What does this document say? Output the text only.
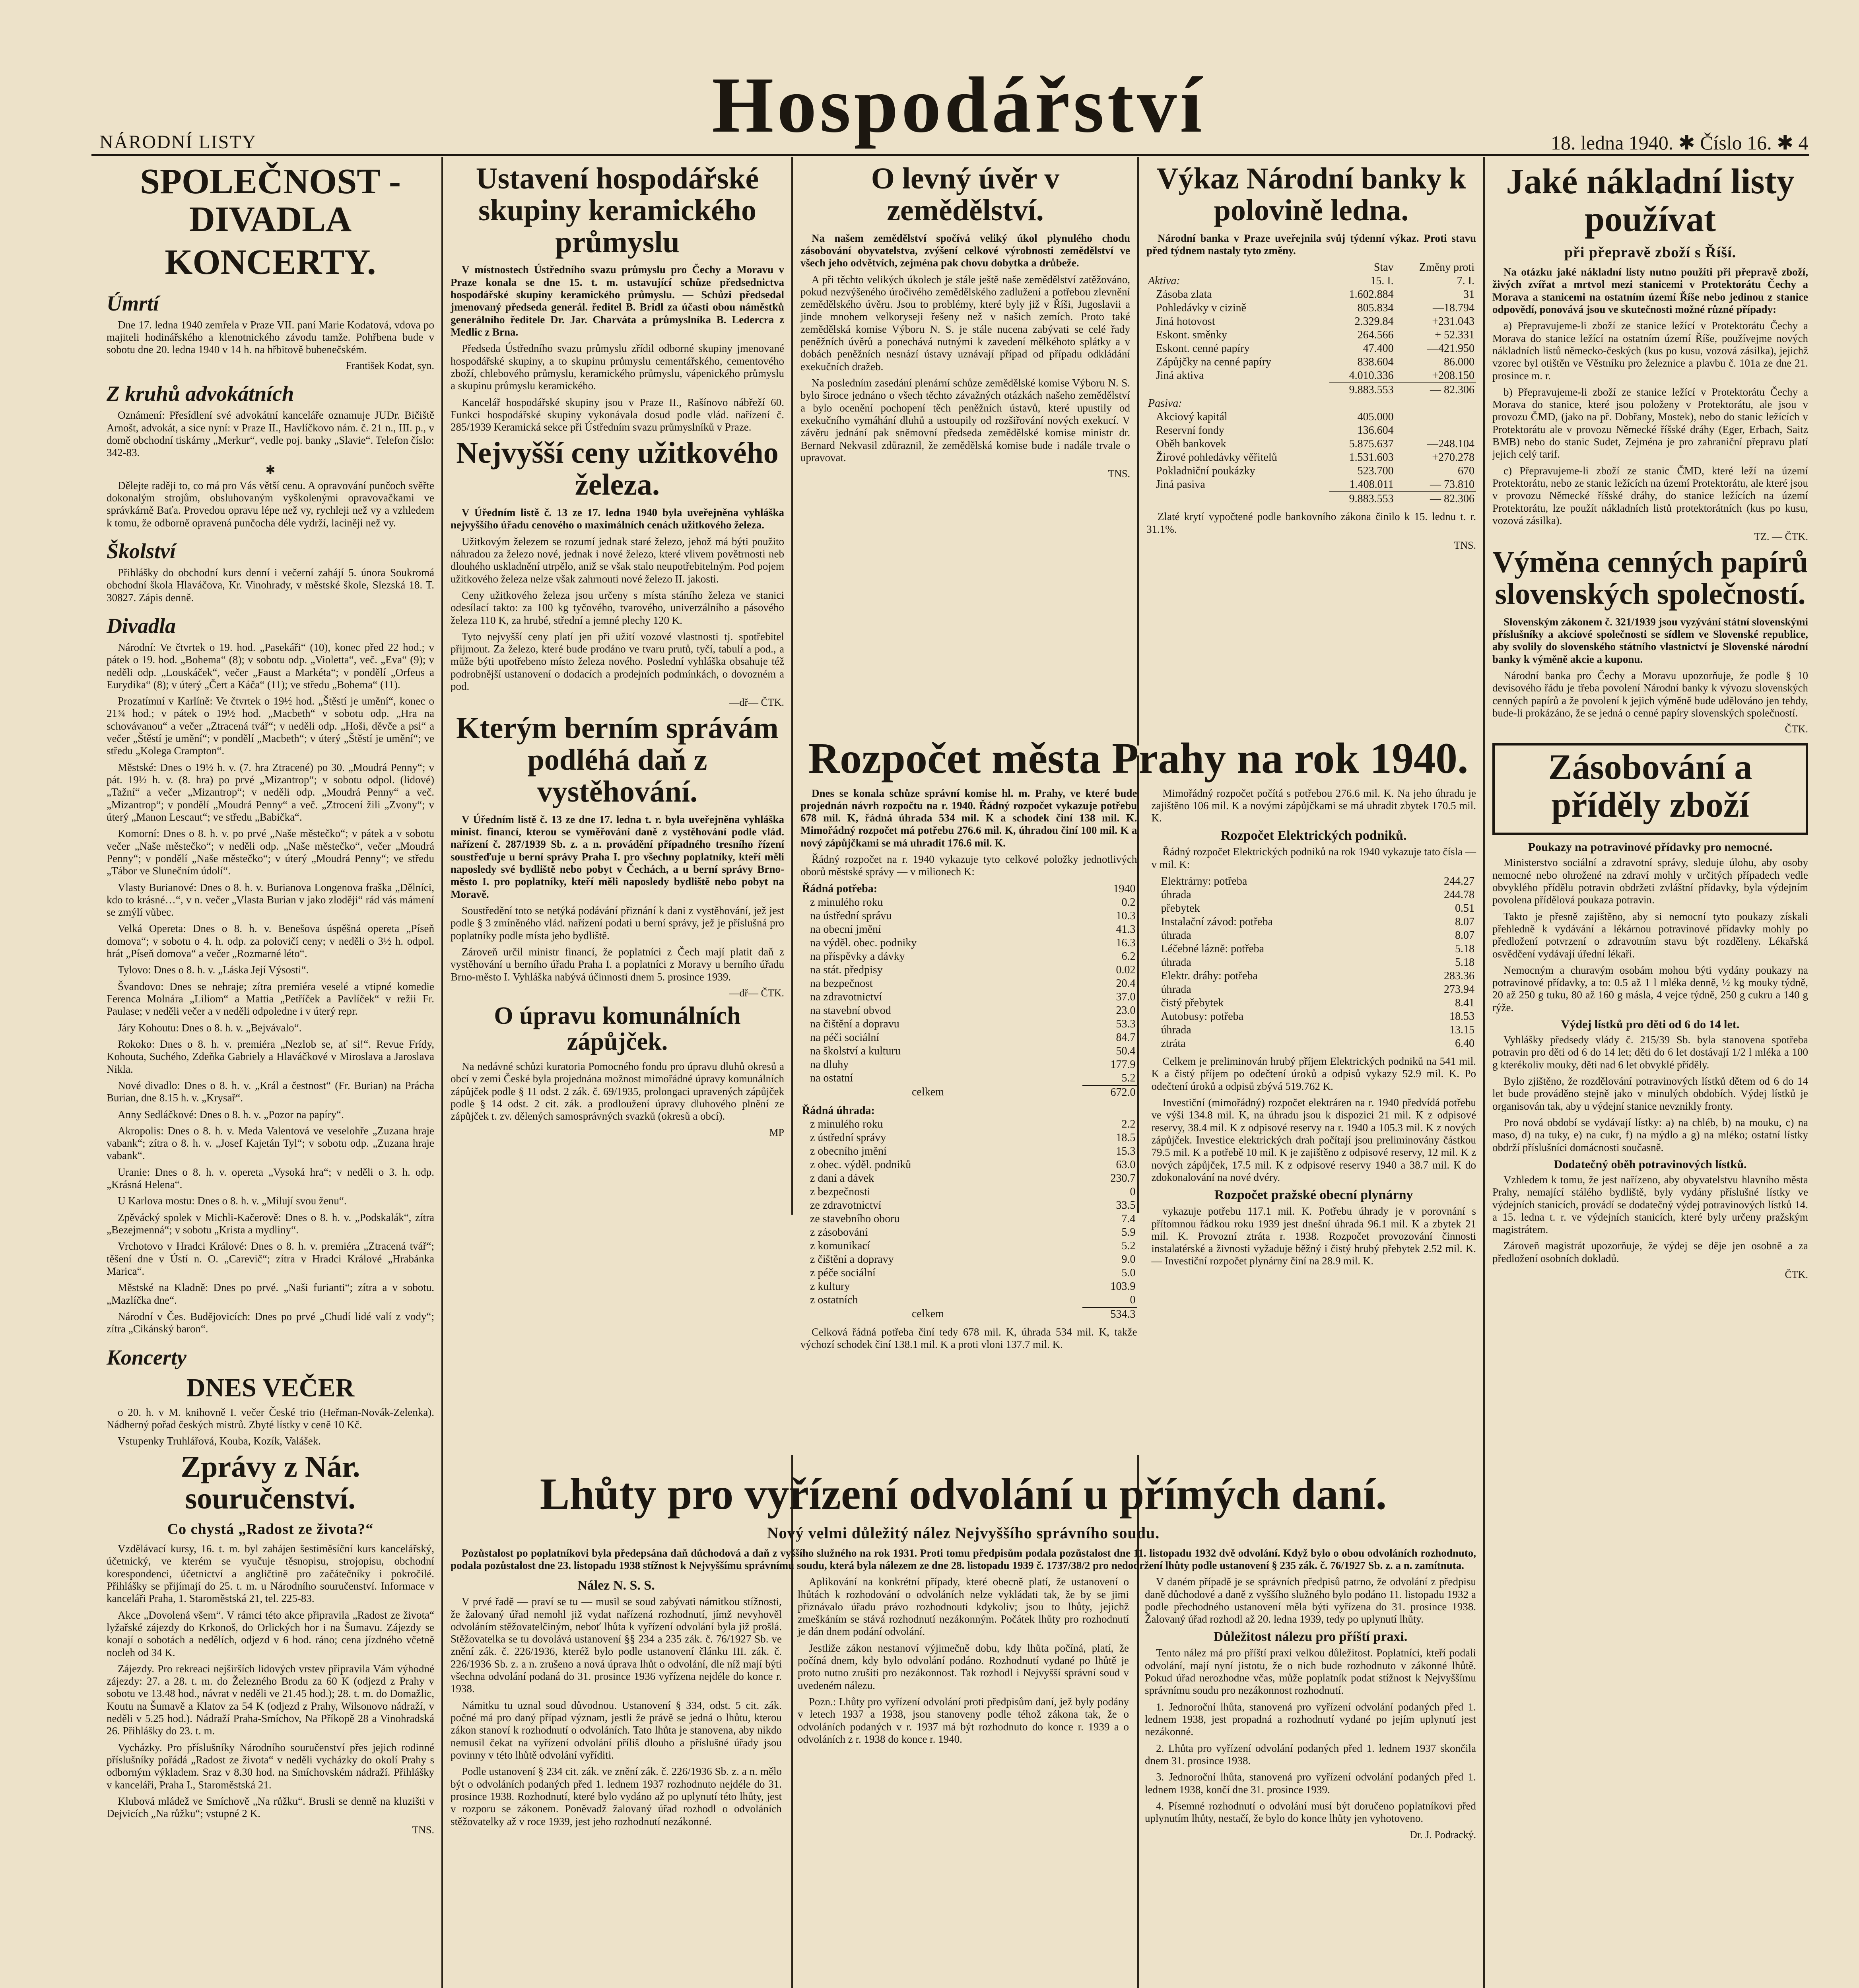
NÁRODNÍ LISTY	Hospodářství	18. ledna 1940. ✱ Číslo 16. ✱ 4
SPOLEČNOST - DIVADLA
KONCERTY.
Úmrtí

Dne 17. ledna 1940 zemřela v Praze VII. paní Marie Kodatová, vdova po majiteli hodinářského a klenotnického závodu tamže. Pohřbena bude v sobotu dne 20. ledna 1940 v 14 h. na hřbitově bubenečském.

František Kodat, syn.
Z kruhů advokátních

Oznámení: Přesídlení své advokátní kanceláře oznamuje JUDr. Bičiště Arnošt, advokát, a sice nyní: v Praze II., Havlíčkovo nám. č. 21 n., III. p., v domě obchodní tiskárny „Merkur“, vedle poj. banky „Slavie“. Telefon číslo: 342-83.

✱

Dělejte raději to, co má pro Vás větší cenu. A opravování punčoch svěřte dokonalým strojům, obsluhovaným vyškolenými opravovačkami ve správkárně Baťa. Provedou opravu lépe než vy, rychleji než vy a vzhledem k tomu, že odborně opravená punčocha déle vydrží, laciněji než vy.

Školství

Přihlášky do obchodní kurs denní i večerní zahájí 5. února Soukromá obchodní škola Hlaváčova, Kr. Vinohrady, v městské škole, Slezská 18. T. 30827. Zápis denně.

Divadla

Národní: Ve čtvrtek o 19. hod. „Pasekáři“ (10), konec před 22 hod.; v pátek o 19. hod. „Bohema“ (8); v sobotu odp. „Violetta“, več. „Eva“ (9); v neděli odp. „Louskáček“, večer „Faust a Markéta“; v pondělí „Orfeus a Eurydika“ (8); v úterý „Čert a Káča“ (11); ve středu „Bohema“ (11).

Prozatímní v Karlíně: Ve čtvrtek o 19½ hod. „Štěstí je umění“, konec o 21¾ hod.; v pátek o 19½ hod. „Macbeth“ v sobotu odp. „Hra na schovávanou“ a večer „Ztracená tvář“; v neděli odp. „Hoši, děvče a psi“ a večer „Štěstí je umění“; v pondělí „Macbeth“; v úterý „Štěstí je umění“; ve středu „Kolega Crampton“.

Městské: Dnes o 19½ h. v. (7. hra Ztracené) po 30. „Moudrá Penny“; v pát. 19½ h. v. (8. hra) po prvé „Mizantrop“; v sobotu odpol. (lidové) „Tažní“ a večer „Mizantrop“; v neděli odp. „Moudrá Penny“ a več. „Mizantrop“; v pondělí „Moudrá Penny“ a več. „Ztrocení žili „Zvony“; v úterý „Manon Lescaut“; ve středu „Babička“.

Komorní: Dnes o 8. h. v. po prvé „Naše městečko“; v pátek a v sobotu večer „Naše městečko“; v neděli odp. „Naše městečko“, večer „Moudrá Penny“; v pondělí „Naše městečko“; v úterý „Moudrá Penny“; ve středu „Tábor ve Slunečním údolí“.

Vlasty Burianové: Dnes o 8. h. v. Burianova Longenova fraška „Dělníci, kdo to krásné…“, v n. večer „Vlasta Burian v jako zloději“ rád vás mámení se zmýlí vůbec.

Velká Opereta: Dnes o 8. h. v. Benešova úspěšná opereta „Píseň domova“; v sobotu o 4. h. odp. za polovičí ceny; v neděli o 3½ h. odpol. hrát „Píseň domova“ a večer „Rozmarné léto“.

Tylovo: Dnes o 8. h. v. „Láska Její Výsosti“.

Švandovo: Dnes se nehraje; zítra premiéra veselé a vtipné komedie Ferenca Molnára „Liliom“ a Mattia „Petříček a Pavlíček“ v režii Fr. Paulase; v neděli večer a v neděli odpoledne i v úterý repr.

Járy Kohoutu: Dnes o 8. h. v. „Bejvávalo“.

Rokoko: Dnes o 8. h. v. premiéra „Nezlob se, ať si!“. Revue Frídy, Kohouta, Suchého, Zdeňka Gabriely a Hlaváčkové v Miroslava a Jaroslava Nikla.

Nové divadlo: Dnes o 8. h. v. „Král a čestnost“ (Fr. Burian) na Prácha Burian, dne 8.15 h. v. „Krysař“.

Anny Sedláčkové: Dnes o 8. h. v. „Pozor na papíry“.

Akropolis: Dnes o 8. h. v. Meda Valentová ve veselohře „Zuzana hraje vabank“; zítra o 8. h. v. „Josef Kajetán Tyl“; v sobotu odp. „Zuzana hraje vabank“.

Uranie: Dnes o 8. h. v. opereta „Vysoká hra“; v neděli o 3. h. odp. „Krásná Helena“.

U Karlova mostu: Dnes o 8. h. v. „Milují svou ženu“.

Zpěvácký spolek v Michli-Kačerově: Dnes o 8. h. v. „Podskalák“, zítra „Bezejmenná“; v sobotu „Krista a mydliny“.

Vrchotovo v Hradci Králové: Dnes o 8. h. v. premiéra „Ztracená tvář“; těšení dne v Ústí n. O. „Carevič“; zítra v Hradci Králové „Hrabánka Marica“.

Městské na Kladně: Dnes po prvé. „Naši furianti“; zítra a v sobotu. „Mazlíčka dne“.

Národní v Čes. Budějovicích: Dnes po prvé „Chudí lidé valí z vody“; zítra „Cikánský baron“.

Koncerty
DNES VEČER

o 20. h. v M. knihovně I. večer České trio (Heřman-Novák-Zelenka). Nádherný pořad českých mistrů. Zbyté lístky v ceně 10 Kč.

Vstupenky Truhlářová, Kouba, Kozík, Valášek.

Zprávy z Nár. souručenství.
Co chystá „Radost ze života?“

Vzdělávací kursy, 16. t. m. byl zahájen šestiměsíční kurs kancelářský, účetnický, ve kterém se vyučuje těsnopisu, strojopisu, obchodní korespondenci, účetnictví a angličtině pro začátečníky i pokročilé. Přihlášky se přijímají do 25. t. m. u Národního souručenství. Informace v kanceláři Praha, 1. Staroměstská 21, tel. 225-83.

Akce „Dovolená všem“. V rámci této akce připravila „Radost ze života“ lyžařské zájezdy do Krkonoš, do Orlických hor i na Šumavu. Zájezdy se konají o sobotách a nedělích, odjezd v 6 hod. ráno; cena jízdného včetně nocleh od 34 K.

Zájezdy. Pro rekreaci nejširších lidových vrstev připravila Vám výhodné zájezdy: 27. a 28. t. m. do Železného Brodu za 60 K (odjezd z Prahy v sobotu ve 13.48 hod., návrat v neděli ve 21.45 hod.); 28. t. m. do Domažlic, Koutu na Šumavě a Klatov za 54 K (odjezd z Prahy, Wilsonovo nádraží, v neděli v 5.25 hod.). Nádraží Praha-Smíchov, Na Příkopě 28 a Vinohradská 26. Přihlášky do 23. t. m.

Vycházky. Pro příslušníky Národního souručenství přes jejich rodinné příslušníky pořádá „Radost ze života“ v neděli vycházky do okolí Prahy s odborným výkladem. Sraz v 8.30 hod. na Smíchovském nádraží. Přihlášky v kanceláři, Praha I., Staroměstská 21.

Klubová mládež ve Smíchově „Na růžku“. Brusli se denně na kluzišti v Dejvicích „Na růžku“; vstupné 2 K.

TNS.
Ustavení hospodářské skupiny keramického průmyslu

V místnostech Ústředního svazu průmyslu pro Čechy a Moravu v Praze konala se dne 15. t. m. ustavující schůze předsednictva hospodářské skupiny keramického průmyslu. — Schůzi předsedal jmenovaný předseda generál. ředitel B. Bridl za účasti obou náměstků generálního ředitele Dr. Jar. Charváta a průmyslníka B. Ledercra z Medlic z Brna.

Předseda Ústředního svazu průmyslu zřídil odborné skupiny jmenované hospodářské skupiny, a to skupinu průmyslu cementářského, cementového zboží, chlebového průmyslu, keramického průmyslu, vápenického průmyslu a skupinu průmyslu keramického.

Kancelář hospodářské skupiny jsou v Praze II., Rašínovo nábřeží 60. Funkci hospodářské skupiny vykonávala dosud podle vlád. nařízení č. 285/1939 Keramická sekce při Ústředním svazu průmyslníků v Praze.

Nejvyšší ceny užitkového železa.

V Úředním listě č. 13 ze 17. ledna 1940 byla uveřejněna vyhláška nejvyššího úřadu cenového o maximálních cenách užitkového železa.

Užitkovým železem se rozumí jednak staré železo, jehož má býti použito náhradou za železo nové, jednak i nové železo, které vlivem povětrnosti neb dlouhého uskladnění utrpělo, aniž se však stalo neupotřebitelným. Pod pojem užitkového železa nelze však zahrnouti nové železo II. jakosti.

Ceny užitkového železa jsou určeny s místa stáního železa ve stanici odesílací takto: za 100 kg tyčového, tvarového, univerzálního a pásového železa 110 K, za hrubé, střední a jemné plechy 120 K.

Tyto nejvyšší ceny platí jen při užití vozové vlastnosti tj. spotřebitel přijmout. Za železo, které bude prodáno ve tvaru prutů, tyčí, tabulí a pod., a může býti upotřebeno místo železa nového. Poslední vyhláška obsahuje též podrobnější ustanovení o dodacích a prodejních podmínkách, o dovozném a pod.

—dř— ČTK.
Kterým berním správám podléhá daň z vystěhování.

V Úředním listě č. 13 ze dne 17. ledna t. r. byla uveřejněna vyhláška minist. financí, kterou se vyměřování daně z vystěhování podle vlád. nařízení č. 287/1939 Sb. z. a n. provádění případného tresního řízení soustřeďuje u berní správy Praha I. pro všechny poplatníky, kteří měli naposledy své bydliště nebo pobyt v Čechách, a u berní správy Brno-město I. pro poplatníky, kteří měli naposledy bydliště nebo pobyt na Moravě.

Soustředění toto se netýká podávání přiznání k dani z vystěhování, jež jest podle § 3 zmíněného vlád. nařízení podati u berní správy, jež je příslušná pro poplatníky podle místa jeho bydliště.

Zároveň určil ministr financí, že poplatníci z Čech mají platit daň z vystěhování u berního úřadu Praha I. a poplatníci z Moravy u berního úřadu Brno-město I. Vyhláška nabývá účinnosti dnem 5. prosince 1939.

—dř— ČTK.
O úpravu komunálních zápůjček.

Na nedávné schůzi kuratoria Pomocného fondu pro úpravu dluhů okresů a obcí v zemi České byla projednána možnost mimořádné úpravy komunálních zápůjček podle § 11 odst. 2 zák. č. 69/1935, prolongaci upravených zápůjček podle § 14 odst. 2 cit. zák. a prodloužení úpravy dluhového plnění ze zápůjček t. zv. dělených samosprávných svazků (okresů a obcí).

MP
O levný úvěr v zemědělství.

Na našem zemědělství spočívá veliký úkol plynulého chodu zásobování obyvatelstva, zvýšení celkové výrobnosti zemědělství ve všech jeho odvětvích, zejména pak chovu dobytka a drůbeže.

A při těchto velikých úkolech je stále ještě naše zemědělství zatěžováno, pokud nezvýšeného úročivého zemědělského zadlužení a potřebou zlevnění zemědělského úvěru. Jsou to problémy, které byly již v Říši, Jugoslavii a jinde mnohem velkoryseji řešeny než v našich zemích. Proto také zemědělská komise Výboru N. S. je stále nucena zabývati se celé řady peněžních úvěrů a ponechává nutnými k zavedení mělkéhoto splátky a v dobách peněžních nesnází ústavy uznávají případ od případu odkládání exekučních dražeb.

Na posledním zasedání plenární schůze zemědělské komise Výboru N. S. bylo široce jednáno o všech těchto závažných otázkách našeho zemědělství a bylo ocenění pochopení těch peněžních ústavů, které upustily od exekučního vymáhání dluhů a ustoupily od rozšiřování nových exekucí. V závěru jednání pak sněmovní předseda zemědělské komise ministr dr. Bernard Nekvasil zdůraznil, že zemědělská komise bude i nadále trvale o upravovat.

TNS.
Rozpočet města Prahy na rok 1940.

Dnes se konala schůze správní komise hl. m. Prahy, ve které bude projednán návrh rozpočtu na r. 1940. Řádný rozpočet vykazuje potřebu 678 mil. K, řádná úhrada 534 mil. K a schodek činí 138 mil. K. Mimořádný rozpočet má potřebu 276.6 mil. K, úhradou činí 100 mil. K a nový zápůjčkami se má uhradit 176.6 mil. K.

Řádný rozpočet na r. 1940 vykazuje tyto celkové položky jednotlivých oborů městské správy — v milionech K:

Řádná potřeba:	1940
z minulého roku	0.2
na ústřední správu	10.3
na obecní jmění	41.3
na výděl. obec. podniky	16.3
na příspěvky a dávky	6.2
na stát. předpisy	0.02
na bezpečnost	20.4
na zdravotnictví	37.0
na stavební obvod	23.0
na čištění a dopravu	53.3
na péči sociální	84.7
na školství a kulturu	50.4
na dluhy	177.9
na ostatní	5.2
celkem	672.0
Řádná úhrada:	
z minulého roku	2.2
z ústřední správy	18.5
z obecního jmění	15.3
z obec. výděl. podniků	63.0
z daní a dávek	230.7
z bezpečnosti	0
ze zdravotnictví	33.5
ze stavebního oboru	7.4
z zásobování	5.9
z komunikací	5.2
z čištění a dopravy	9.0
z péče sociální	5.0
z kultury	103.9
z ostatních	0
celkem	534.3

Celková řádná potřeba činí tedy 678 mil. K, úhrada 534 mil. K, takže výchozí schodek činí 138.1 mil. K a proti vloni 137.7 mil. K.

Mimořádný rozpočet počítá s potřebou 276.6 mil. K. Na jeho úhradu je zajištěno 106 mil. K a novými zápůjčkami se má uhradit zbytek 170.5 mil. K.

Rozpočet Elektrických podniků.

Řádný rozpočet Elektrických podniků na rok 1940 vykazuje tato čísla — v mil. K:

Elektrárny: potřeba	244.27
úhrada	244.78
přebytek	0.51
Instalační závod: potřeba	8.07
úhrada	8.07
Léčebné lázně: potřeba	5.18
úhrada	5.18
Elektr. dráhy: potřeba	283.36
úhrada	273.94
čistý přebytek	8.41
Autobusy: potřeba	18.53
úhrada	13.15
ztráta	6.40

Celkem je preliminován hrubý příjem Elektrických podniků na 541 mil. K a čistý příjem po odečtení úroků a odpisů vykazy 52.9 mil. K. Po odečtení úroků a odpisů zbývá 519.762 K.

Investiční (mimořádný) rozpočet elektráren na r. 1940 předvídá potřebu ve výši 134.8 mil. K, na úhradu jsou k dispozici 21 mil. K z odpisové reservy, 38.4 mil. K z odpisové reservy na r. 1940 a 105.3 mil. K z nových zápůjček. Investice elektrických drah počítají jsou preliminovány částkou 79.5 mil. K a potřebě 10 mil. K je zajištěno z odpisové reservy, 12 mil. K z nových zápůjček, 17.5 mil. K z odpisové reservy 1940 a 38.7 mil. K do zdokonalování na nové dvéry.

Rozpočet pražské obecní plynárny

vykazuje potřebu 117.1 mil. K. Potřebu úhrady je v porovnání s přítomnou řádkou roku 1939 jest dnešní úhrada 96.1 mil. K a zbytek 21 mil. K. Provozní ztráta r. 1938. Rozpočet provozování činnosti instalatérské a živnosti vyžaduje běžný i čistý hrubý přebytek 2.52 mil. K. — Investiční rozpočet plynárny činí na 28.9 mil. K.

Výkaz Národní banky k polovině ledna.

Národní banka v Praze uveřejnila svůj týdenní výkaz. Proti stavu před týdnem nastaly tyto změny.

	Stav	Změny proti
Aktiva:	15. I.	7. I.
Zásoba zlata	1.602.884	31
Pohledávky v cizině	805.834	—18.794
Jiná hotovost	2.329.84	+231.043
Eskont. směnky	264.566	+ 52.331
Eskont. cenné papíry	47.400	—421.950
Zápůjčky na cenné papíry	838.604	86.000
Jiná aktiva	4.010.336	+208.150
	9.883.553	— 82.306
Pasiva:		
Akciový kapitál	405.000	
Reservní fondy	136.604	
Oběh bankovek	5.875.637	—248.104
Žirové pohledávky věřitelů	1.531.603	+270.278
Pokladniční poukázky	523.700	670
Jiná pasiva	1.408.011	— 73.810
	9.883.553	— 82.306

Zlaté krytí vypočtené podle bankovního zákona činilo k 15. lednu t. r. 31.1%.

TNS.
Jaké nákladní listy používat
při přepravě zboží s Říší.

Na otázku jaké nákladní listy nutno použíti při přepravě zboží, živých zvířat a mrtvol mezi stanicemi v Protektorátu Čechy a Morava a stanicemi na ostatním území Říše nebo jedinou z stanice odpovědí, ponovává jsou ve skutečnosti možné různé případy:

a) Přepravujeme-li zboží ze stanice ležící v Protektorátu Čechy a Morava do stanice ležící na ostatním území Říše, používejme nových nákladních listů německo-českých (kus po kusu, vozová zásilka), jejichž vzorec byl otištěn ve Věstníku pro železnice a plavbu č. 101a ze dne 21. prosince m. r.

b) Přepravujeme-li zboží ze stanice ležící v Protektorátu Čechy a Morava do stanice, které jsou položeny v Protektorátu, ale jsou v provozu ČMD, (jako na př. Dobřany, Mostek), nebo do stanic ležících v Protektorátu ale v provozu Německé říšské dráhy (Eger, Erbach, Saitz BMB) nebo do stanic Sudet, Zejména je pro zahraniční přepravu platí jejich celý tarif.

c) Přepravujeme-li zboží ze stanic ČMD, které leží na území Protektorátu, nebo ze stanic ležících na území Protektorátu, ale které jsou v provozu Německé říšské dráhy, do stanice ležících na území Protektorátu, lze použít nákladních listů protektorátních (kus po kusu, vozová zásilka).

TZ. — ČTK.
Výměna cenných papírů slovenských společností.

Slovenským zákonem č. 321/1939 jsou vyzývání státní slovenskými příslušníky a akciové společnosti se sídlem ve Slovenské republice, aby svolily do slovenského státního vlastnictví je Slovenské národní banky k výměně akcie a kuponu.

Národní banka pro Čechy a Moravu upozorňuje, že podle § 10 devisového řádu je třeba povolení Národní banky k vývozu slovenských cenných papírů a že povolení k jejich výměně bude udělováno jen tehdy, bude-li prokázáno, že se jedná o cenné papíry slovenských společností.

ČTK.
Zásobování a příděly zboží
Poukazy na potravinové přídavky pro nemocné.

Ministerstvo sociální a zdravotní správy, sleduje úlohu, aby osoby nemocné nebo ohrožené na zdraví mohly v určitých případech vedle obvyklého přídělu potravin obdržeti zvláštní přídavky, byla výdejním povolena přídělová poukaza potravin.

Takto je přesně zajištěno, aby si nemocní tyto poukazy získali přehledně k vydávání a lékárnou potravinové přídavky mohly po předložení potvrzení o zdravotním stavu být rozděleny. Lékařská osvědčení vydávají úřední lékaři.

Nemocným a churavým osobám mohou býti vydány poukazy na potravinové přídavky, a to: 0.5 až 1 l mléka denně, ½ kg mouky týdně, 20 až 250 g tuku, 80 až 160 g másla, 4 vejce týdně, 250 g cukru a 140 g rýže.

Výdej lístků pro děti od 6 do 14 let.

Vyhlášky předsedy vlády č. 215/39 Sb. byla stanovena spotřeba potravin pro děti od 6 do 14 let; děti do 6 let dostávají 1/2 l mléka a 100 g kterékoliv mouky, děti nad 6 let obvyklé příděly.

Bylo zjištěno, že rozdělování potravinových lístků dětem od 6 do 14 let bude prováděno stejně jako v minulých obdobích. Výdej lístků je organisován tak, aby u výdejní stanice nevznikly fronty.

Pro nová období se vydávají lístky: a) na chléb, b) na mouku, c) na maso, d) na tuky, e) na cukr, f) na mýdlo a g) na mléko; ostatní lístky obdrží příslušníci domácnosti současně.

Dodatečný oběh potravinových lístků.

Vzhledem k tomu, že jest nařízeno, aby obyvatelstvu hlavního města Prahy, nemající stálého bydliště, byly vydány příslušné lístky ve výdejních stanicích, provádí se dodatečný výdej potravinových lístků 14. a 15. ledna t. r. ve výdejních stanicích, které byly určeny pražským magistrátem.

Zároveň magistrát upozorňuje, že výdej se děje jen osobně a za předložení osobních dokladů.

ČTK.
Lhůty pro vyřízení odvolání u přímých daní.
Nový velmi důležitý nález Nejvyššího správního soudu.

Pozůstalost po poplatníkovi byla předepsána daň důchodová a daň z vyššího služného na rok 1931. Proti tomu předpisům podala pozůstalost dne 11. listopadu 1932 dvě odvolání. Když bylo o obou odvoláních rozhodnuto, podala pozůstalost dne 23. listopadu 1938 stížnost k Nejvyššímu správnímu soudu, která byla nálezem ze dne 28. listopadu 1939 č. 1737/38/2 pro nedodržení lhůty podle ustanovení § 235 zák. č. 76/1927 Sb. z. a n. zamítnuta.

Nález N. S. S.

V prvé řadě — praví se tu — musil se soud zabývati námitkou stížnosti, že žalovaný úřad nemohl již vydat nařízená rozhodnutí, jímž nevyhověl odvoláním stěžovatelčiným, neboť lhůta k vyřízení odvolání byla již prošlá. Stěžovatelka se tu dovolává ustanovení §§ 234 a 235 zák. č. 76/1927 Sb. ve znění zák. č. 226/1936, kteréž bylo podle ustanovení článku III. zák. č. 226/1936 Sb. z. a n. zrušeno a nová úprava lhůt o odvolání, dle níž mají býti všechna odvolání podaná do 31. prosince 1936 vyřízena nejdéle do konce r. 1938.

Námitku tu uznal soud důvodnou. Ustanovení § 334, odst. 5 cit. zák. počné má pro daný případ význam, jestli že právě se jedná o lhůtu, kterou zákon stanoví k rozhodnutí o odvoláních. Tato lhůta je stanovena, aby nikdo nemusil čekat na vyřízení odvolání příliš dlouho a příslušné úřady jsou povinny v této lhůtě odvolání vyříditi.

Podle ustanovení § 234 cit. zák. ve znění zák. č. 226/1936 Sb. z. a n. mělo být o odvoláních podaných před 1. lednem 1937 rozhodnuto nejdéle do 31. prosince 1938. Rozhodnutí, které bylo vydáno až po uplynutí této lhůty, jest v rozporu se zákonem. Poněvadž žalovaný úřad rozhodl o odvoláních stěžovatelky až v roce 1939, jest jeho rozhodnutí nezákonné.

Aplikování na konkrétní případy, které obecně platí, že ustanovení o lhůtách k rozhodování o odvoláních nelze vykládati tak, že by se jimi přiznávalo úřadu právo rozhodnouti kdykoliv; jsou to lhůty, jejichž zmeškáním se stává rozhodnutí nezákonným. Počátek lhůty pro rozhodnutí je dán dnem podání odvolání.

Jestliže zákon nestanoví výjimečně dobu, kdy lhůta počíná, platí, že počíná dnem, kdy bylo odvolání podáno. Rozhodnutí vydané po lhůtě je proto nutno zrušiti pro nezákonnost. Tak rozhodl i Nejvyšší správní soud v uvedeném nálezu.

Pozn.: Lhůty pro vyřízení odvolání proti předpisům daní, jež byly podány v letech 1937 a 1938, jsou stanoveny podle téhož zákona tak, že o odvoláních podaných v r. 1937 má být rozhodnuto do konce r. 1939 a o odvoláních z r. 1938 do konce r. 1940.

V daném případě je se správních předpisů patrno, že odvolání z předpisu daně důchodové a daně z vyššího služného bylo podáno 11. listopadu 1932 a podle přechodného ustanovení měla býti vyřízena do 31. prosince 1938. Žalovaný úřad rozhodl až 20. ledna 1939, tedy po uplynutí lhůty.

Důležitost nálezu pro příští praxi.

Tento nález má pro příští praxi velkou důležitost. Poplatníci, kteří podali odvolání, mají nyní jistotu, že o nich bude rozhodnuto v zákonné lhůtě. Pokud úřad nerozhodne včas, může poplatník podat stížnost k Nejvyššímu správnímu soudu pro nezákonnost rozhodnutí.

1. Jednoroční lhůta, stanovená pro vyřízení odvolání podaných před 1. lednem 1938, jest propadná a rozhodnutí vydané po jejím uplynutí jest nezákonné.

2. Lhůta pro vyřízení odvolání podaných před 1. lednem 1937 skončila dnem 31. prosince 1938.

3. Jednoroční lhůta, stanovená pro vyřízení odvolání podaných před 1. lednem 1938, končí dne 31. prosince 1939.

4. Písemné rozhodnutí o odvolání musí být doručeno poplatníkovi před uplynutím lhůty, nestačí, že bylo do konce lhůty jen vyhotoveno.

Dr. J. Podracký.
